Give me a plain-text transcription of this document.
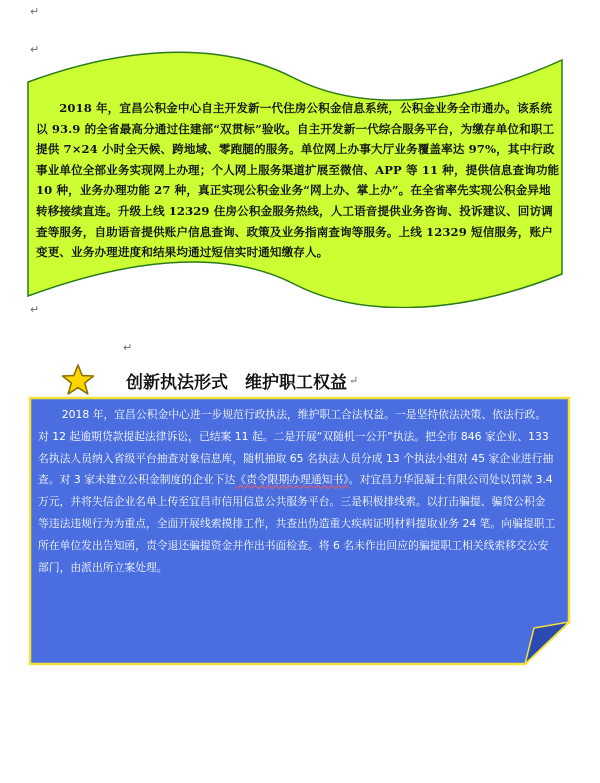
↵
↵
2018 年，宜昌公积金中心自主开发新一代住房公积金信息系统，公积金业务全市通办。该系统以 93.9 的全省最高分通过住建部“双贯标”验收。自主开发新一代综合服务平台，为缴存单位和职工提供 7×24 小时全天候、跨地域、零跑腿的服务。单位网上办事大厅业务覆盖率达 97%，其中行政事业单位全部业务实现网上办理；个人网上服务渠道扩展至微信、APP 等 11 种，提供信息查询功能 10 种，业务办理功能 27 种，真正实现公积金业务“网上办、掌上办”。在全省率先实现公积金异地转移接续直连。升级上线 12329 住房公积金服务热线，人工语音提供业务咨询、投诉建议、回访调查等服务，自助语音提供账户信息查询、政策及业务指南查询等服务。上线 12329 短信服务，账户变更、业务办理进度和结果均通过短信实时通知缴存人。
↵
↵
创新执法形式　维护职工权益 ↵
2018 年，宜昌公积金中心进一步规范行政执法，维护职工合法权益。一是坚持依法决策、依法行政。对 12 起逾期贷款提起法律诉讼，已结案 11 起。二是开展“双随机一公开”执法。把全市 846 家企业、133 名执法人员纳入省级平台抽查对象信息库，随机抽取 65 名执法人员分成 13 个执法小组对 45 家企业进行抽查。对 3 家未建立公积金制度的企业下达《责令限期办理通知书》。对宜昌力华混凝土有限公司处以罚款 3.4 万元，并将失信企业名单上传至宜昌市信用信息公共服务平台。三是积极排线索。以打击骗提、骗贷公积金等违法违规行为为重点，全面开展线索摸排工作，共查出伪造重大疾病证明材料提取业务 24 笔。向骗提职工所在单位发出告知函，责令退还骗提资金并作出书面检查。将 6 名未作出回应的骗提职工相关线索移交公安部门，由派出所立案处理。
